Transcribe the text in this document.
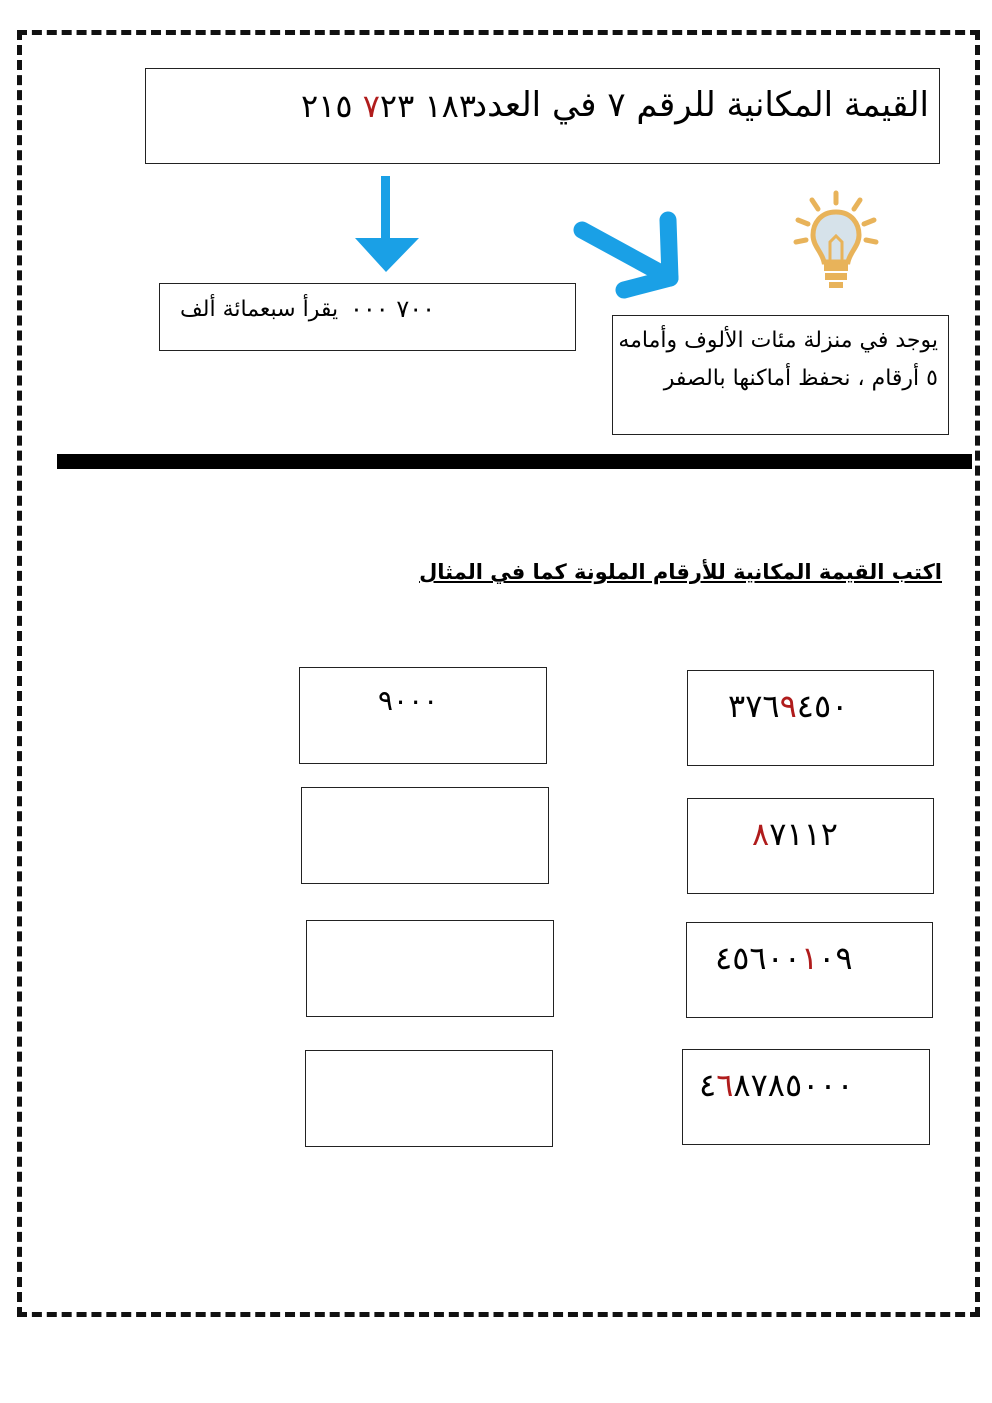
القيمة المكانية للرقم ٧ في العدد
١٨٣ ٧٢٣ ٢١٥
يقرأ سبعمائة ألف ٧٠٠ ٠٠٠
يوجد في منزلة مئات الألوف وأمامه
٥ أرقام ، نحفظ أماكنها بالصفر
اكتب القيمة المكانية للأرقام الملونة كما في المثال
٣٧٦٩٤٥٠
٨٧١١٢
٤٥٦٠٠١٠٩
٤٦٨٧٨٥٠٠٠
٩٠٠٠
